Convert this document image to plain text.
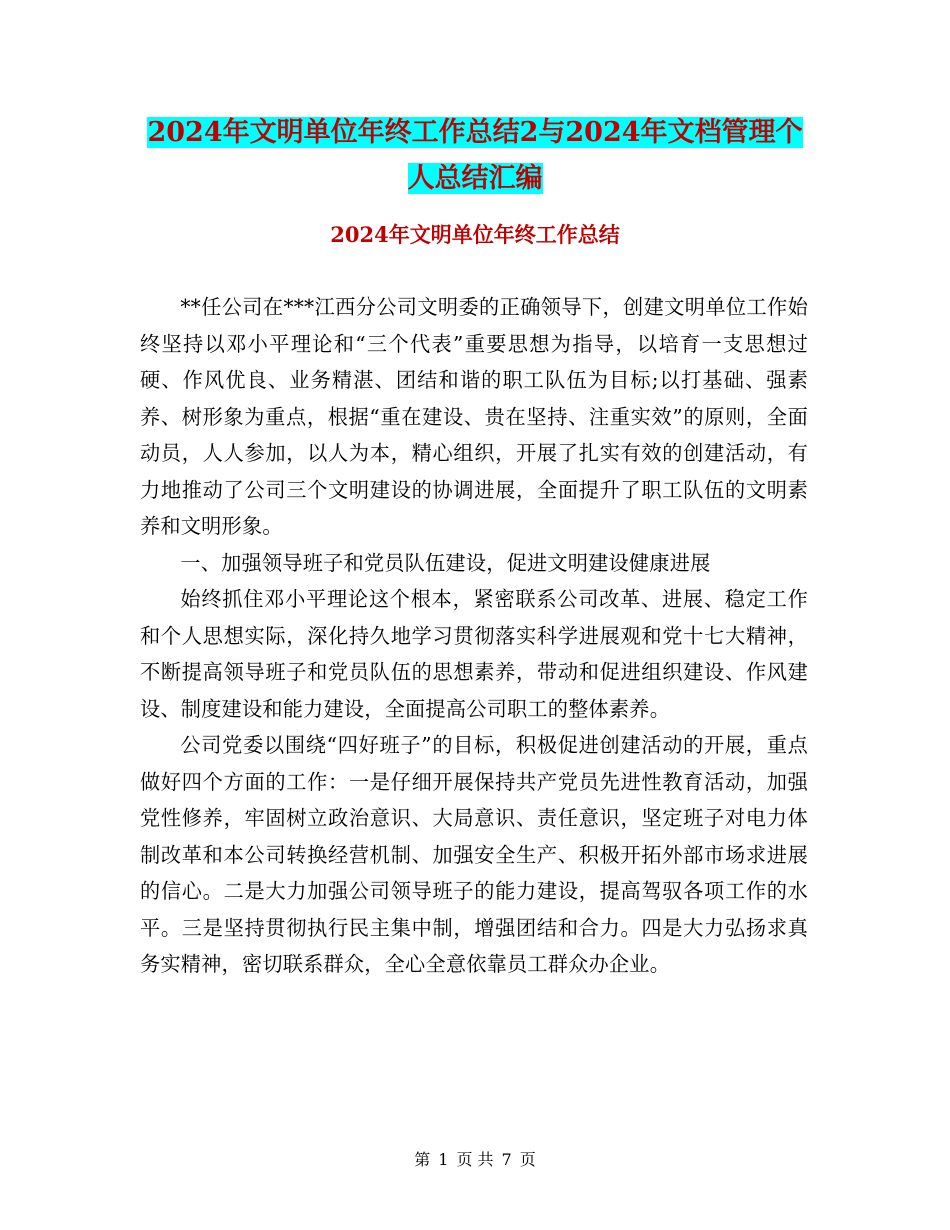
2024年文明单位年终工作总结2与2024年文档管理个
人总结汇编
2024年文明单位年终工作总结

**任公司在***江西分公司文明委的正确领导下，创建文明单位工作始终坚持以邓小平理论和“三个代表”重要思想为指导，以培育一支思想过硬、作风优良、业务精湛、团结和谐的职工队伍为目标;以打基础、强素养、树形象为重点，根据“重在建设、贵在坚持、注重实效”的原则，全面动员，人人参加，以人为本，精心组织，开展了扎实有效的创建活动，有力地推动了公司三个文明建设的协调进展，全面提升了职工队伍的文明素养和文明形象。

一、加强领导班子和党员队伍建设，促进文明建设健康进展

始终抓住邓小平理论这个根本，紧密联系公司改革、进展、稳定工作和个人思想实际，深化持久地学习贯彻落实科学进展观和党十七大精神，不断提高领导班子和党员队伍的思想素养，带动和促进组织建设、作风建设、制度建设和能力建设，全面提高公司职工的整体素养。

公司党委以围绕“四好班子”的目标，积极促进创建活动的开展，重点做好四个方面的工作：一是仔细开展保持共产党员先进性教育活动，加强党性修养，牢固树立政治意识、大局意识、责任意识，坚定班子对电力体制改革和本公司转换经营机制、加强安全生产、积极开拓外部市场求进展的信心。二是大力加强公司领导班子的能力建设，提高驾驭各项工作的水平。三是坚持贯彻执行民主集中制，增强团结和合力。四是大力弘扬求真务实精神，密切联系群众，全心全意依靠员工群众办企业。

第 1 页 共 7 页
